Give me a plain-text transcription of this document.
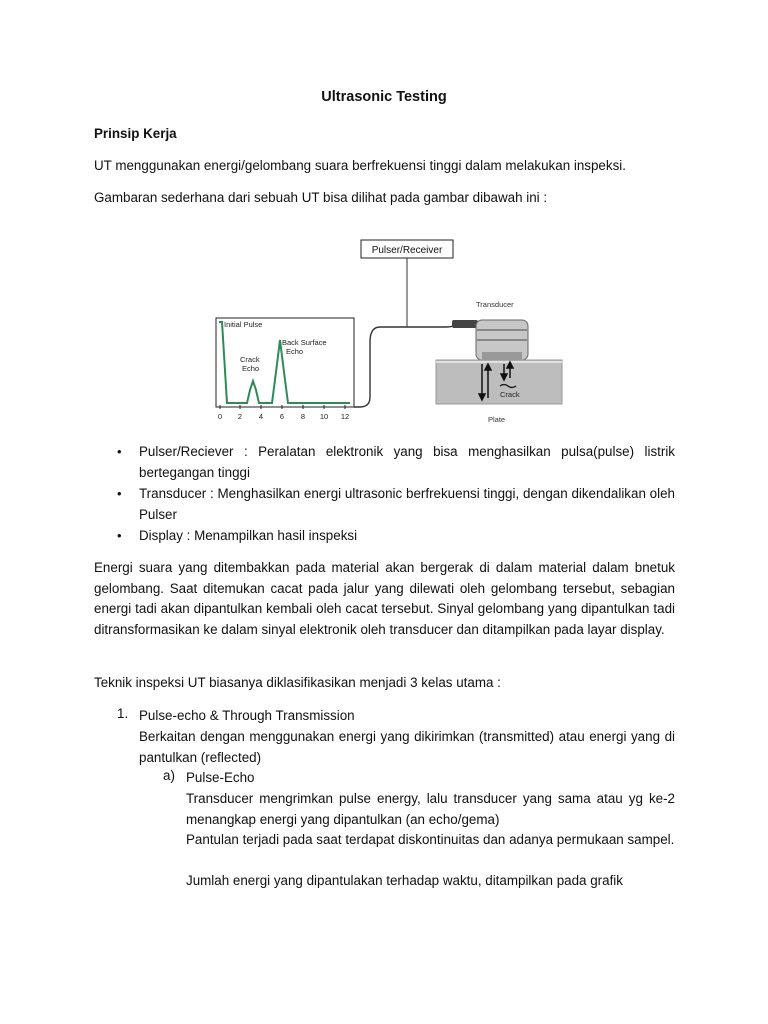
Ultrasonic Testing
Prinsip Kerja
UT menggunakan energi/gelombang suara berfrekuensi tinggi dalam melakukan inspeksi.
Gambaran sederhana dari sebuah UT bisa dilihat pada gambar dibawah ini :
Pulser/Receiver
0 2 4 6 8 10 12
Initial Pulse
Crack
Echo
Back Surface
Echo
Transducer
Crack
Plate
• Pulser/Reciever : Peralatan elektronik yang bisa menghasilkan pulsa(pulse) listrik bertegangan tinggi
• Transducer : Menghasilkan energi ultrasonic berfrekuensi tinggi, dengan dikendalikan oleh Pulser
• Display : Menampilkan hasil inspeksi
Energi suara yang ditembakkan pada material akan bergerak di dalam material dalam bnetuk gelombang. Saat ditemukan cacat pada jalur yang dilewati oleh gelombang tersebut, sebagian energi tadi akan dipantulkan kembali oleh cacat tersebut. Sinyal gelombang yang dipantulkan tadi ditransformasikan ke dalam sinyal elektronik oleh transducer dan ditampilkan pada layar display.
Teknik inspeksi UT biasanya diklasifikasikan menjadi 3 kelas utama :
1. Pulse-echo & Through Transmission
Berkaitan dengan menggunakan energi yang dikirimkan (transmitted) atau energi yang di pantulkan (reflected)
a) Pulse-Echo
Transducer mengrimkan pulse energy, lalu transducer yang sama atau yg ke-2 menangkap energi yang dipantulkan (an echo/gema)
Pantulan terjadi pada saat terdapat diskontinuitas dan adanya permukaan sampel.
Jumlah energi yang dipantulakan terhadap waktu, ditampilkan pada grafik
